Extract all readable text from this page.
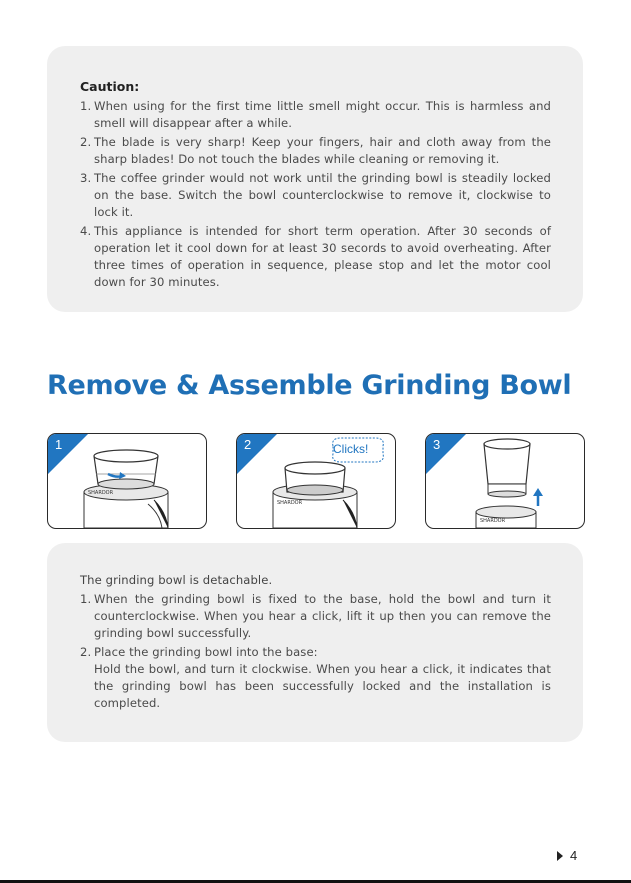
Caution:

1. When using for the first time little smell might occur. This is harmless and smell will disappear after a while.
2. The blade is very sharp! Keep your fingers, hair and cloth away from the sharp blades! Do not touch the blades while cleaning or removing it.
3. The coffee grinder would not work until the grinding bowl is steadily locked on the base. Switch the bowl counterclockwise to remove it, clockwise to lock it.
4. This appliance is intended for short term operation. After 30 seconds of operation let it cool down for at least 30 secords to avoid overheating. After three times of operation in sequence, please stop and let the motor cool down for 30 minutes.
Remove & Assemble Grinding Bowl
SHARDOR
1
SHARDOR
Clicks!
2
SHARDOR
3

The grinding bowl is detachable.

1. When the grinding bowl is fixed to the base, hold the bowl and turn it counterclockwise. When you hear a click, lift it up then you can remove the grinding bowl successfully.
2. Place the grinding bowl into the base:
Hold the bowl, and turn it clockwise. When you hear a click, it indicates that the grinding bowl has been successfully locked and the installation is completed.
4
